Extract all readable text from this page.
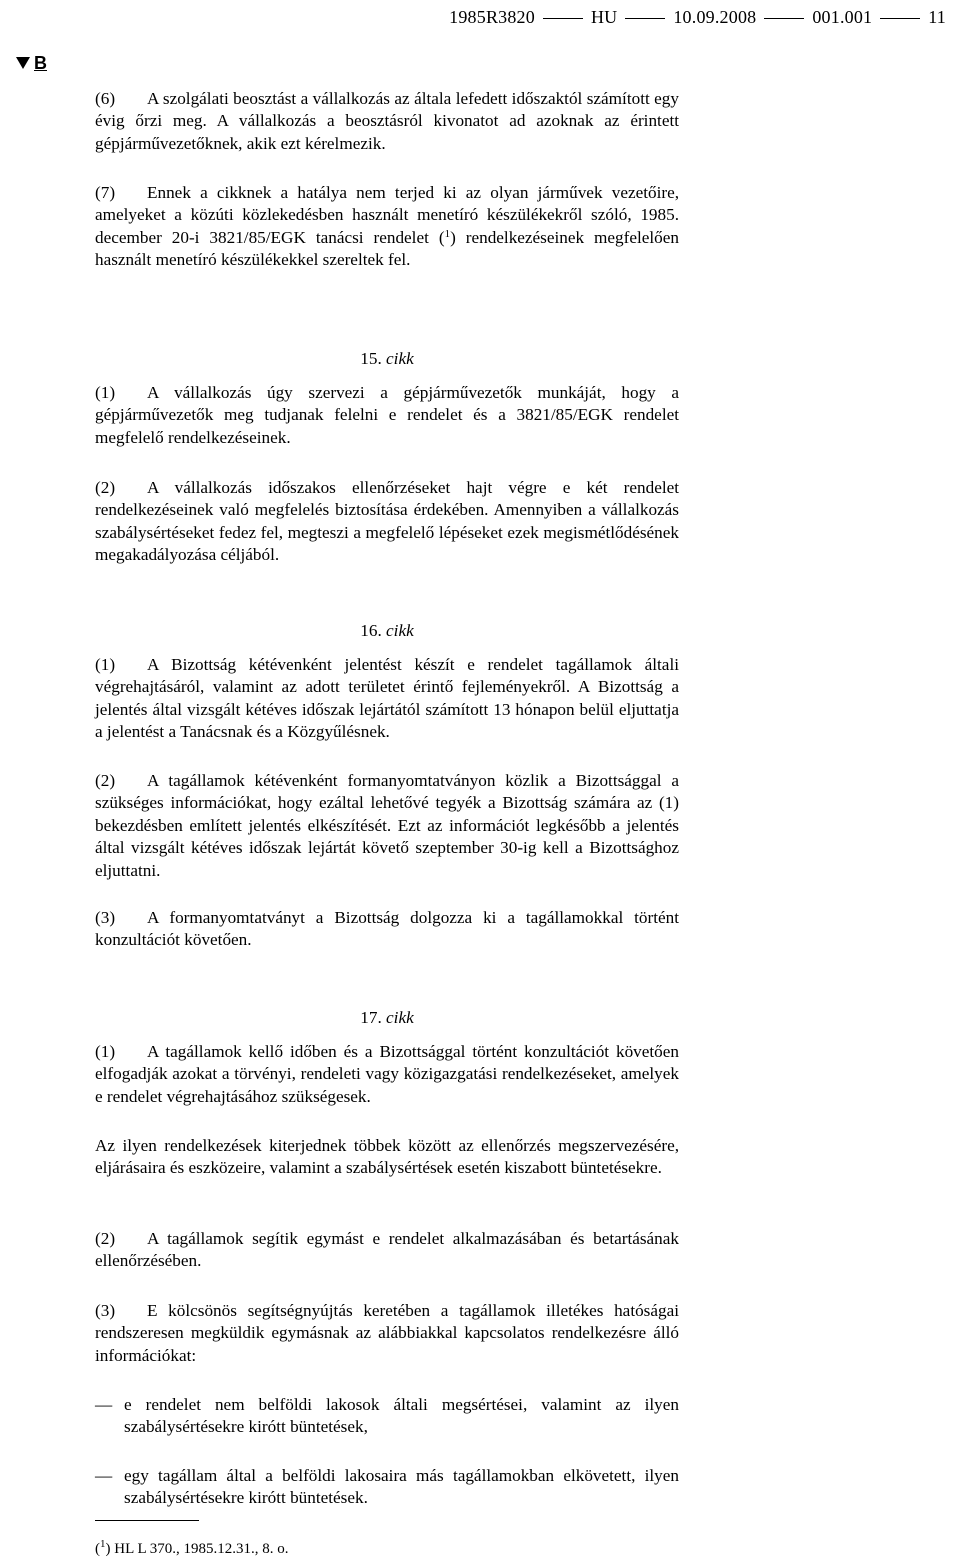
1985R3820	HU	10.09.2008	001.001	11
B

(6) A szolgálati beosztást a vállalkozás az általa lefedett időszaktól számított egy évig őrzi meg. A vállalkozás a beosztásról kivonatot ad azoknak az érintett gépjárművezetőknek, akik ezt kérelmezik.

(7) Ennek a cikknek a hatálya nem terjed ki az olyan járművek vezetőire, amelyeket a közúti közlekedésben használt menetíró készülékekről szóló, 1985. december 20-i 3821/85/EGK tanácsi rendelet ($^1$) rendelkezéseinek megfelelően használt menetíró készülékekkel szereltek fel.

15. cikk

(1) A vállalkozás úgy szervezi a gépjárművezetők munkáját, hogy a gépjárművezetők meg tudjanak felelni e rendelet és a 3821/85/EGK rendelet megfelelő rendelkezéseinek.

(2) A vállalkozás időszakos ellenőrzéseket hajt végre e két rendelet rendelkezéseinek való megfelelés biztosítása érdekében. Amennyiben a vállalkozás szabálysértéseket fedez fel, megteszi a megfelelő lépéseket ezek megismétlődésének megakadályozása céljából.

16. cikk

(1) A Bizottság kétévenként jelentést készít e rendelet tagállamok általi végrehajtásáról, valamint az adott területet érintő fejleményekről. A Bizottság a jelentés által vizsgált kétéves időszak lejártától számított 13 hónapon belül eljuttatja a jelentést a Tanácsnak és a Közgyűlésnek.

(2) A tagállamok kétévenként formanyomtatványon közlik a Bizottsággal a szükséges információkat, hogy ezáltal lehetővé tegyék a Bizottság számára az (1) bekezdésben említett jelentés elkészítését. Ezt az információt legkésőbb a jelentés által vizsgált kétéves időszak lejártát követő szeptember 30-ig kell a Bizottsághoz eljuttatni.

(3) A formanyomtatványt a Bizottság dolgozza ki a tagállamokkal történt konzultációt követően.

17. cikk

(1) A tagállamok kellő időben és a Bizottsággal történt konzultációt követően elfogadják azokat a törvényi, rendeleti vagy közigazgatási rendelkezéseket, amelyek e rendelet végrehajtásához szükségesek.

Az ilyen rendelkezések kiterjednek többek között az ellenőrzés megszervezésére, eljárásaira és eszközeire, valamint a szabálysértések esetén kiszabott büntetésekre.

(2) A tagállamok segítik egymást e rendelet alkalmazásában és betartásának ellenőrzésében.

(3) E kölcsönös segítségnyújtás keretében a tagállamok illetékes hatóságai rendszeresen megküldik egymásnak az alábbiakkal kapcsolatos rendelkezésre álló információkat:

— e rendelet nem belföldi lakosok általi megsértései, valamint az ilyen szabálysértésekre kirótt büntetések,
— egy tagállam által a belföldi lakosaira más tagállamokban elkövetett, ilyen szabálysértésekre kirótt büntetések.
($^1$) HL L 370., 1985.12.31., 8. o.
